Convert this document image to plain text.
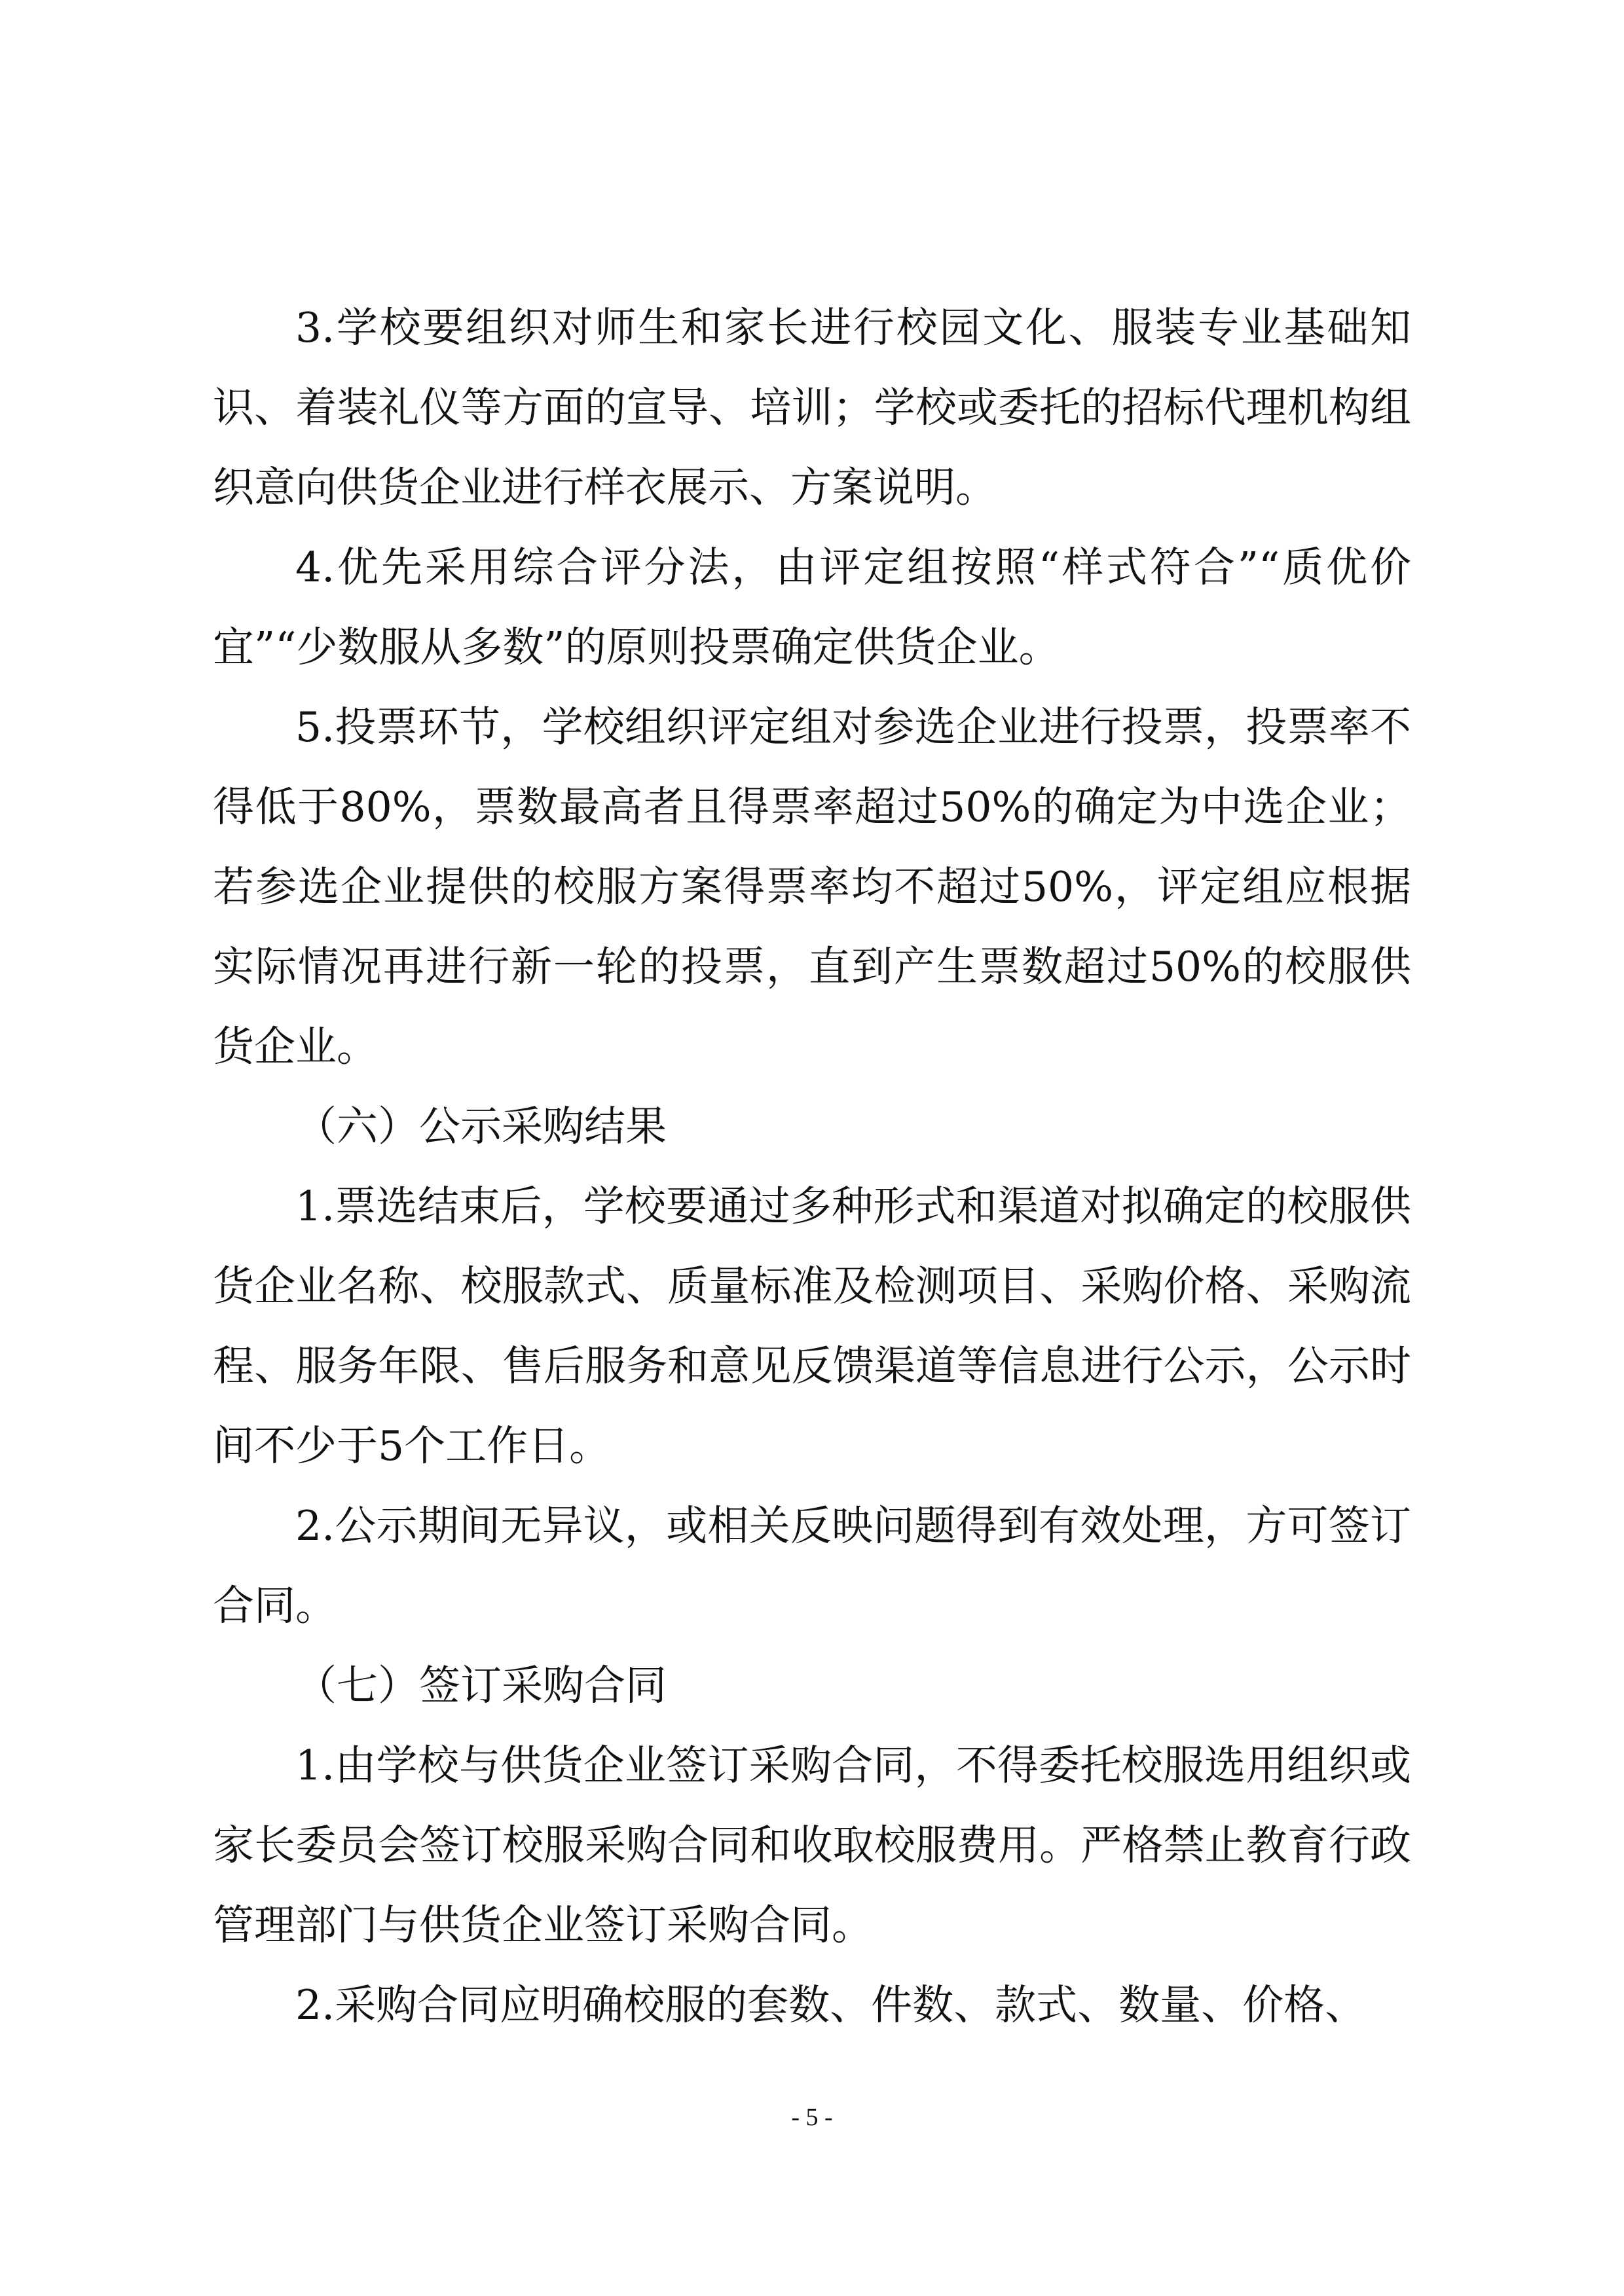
3.学校要组织对师生和家长进行校园文化、服装专业基础知识、着装礼仪等方面的宣导、培训；学校或委托的招标代理机构组织意向供货企业进行样衣展示、方案说明。

4.优先采用综合评分法，由评定组按照“样式符合”“质优价宜”“少数服从多数”的原则投票确定供货企业。

5.投票环节，学校组织评定组对参选企业进行投票，投票率不得低于80%，票数最高者且得票率超过50%的确定为中选企业；若参选企业提供的校服方案得票率均不超过50%，评定组应根据实际情况再进行新一轮的投票，直到产生票数超过50%的校服供货企业。

（六）公示采购结果

1.票选结束后，学校要通过多种形式和渠道对拟确定的校服供货企业名称、校服款式、质量标准及检测项目、采购价格、采购流程、服务年限、售后服务和意见反馈渠道等信息进行公示，公示时间不少于5个工作日。

2.公示期间无异议，或相关反映问题得到有效处理，方可签订合同。

（七）签订采购合同

1.由学校与供货企业签订采购合同，不得委托校服选用组织或家长委员会签订校服采购合同和收取校服费用。严格禁止教育行政管理部门与供货企业签订采购合同。

2.采购合同应明确校服的套数、件数、款式、数量、价格、

- 5 -
